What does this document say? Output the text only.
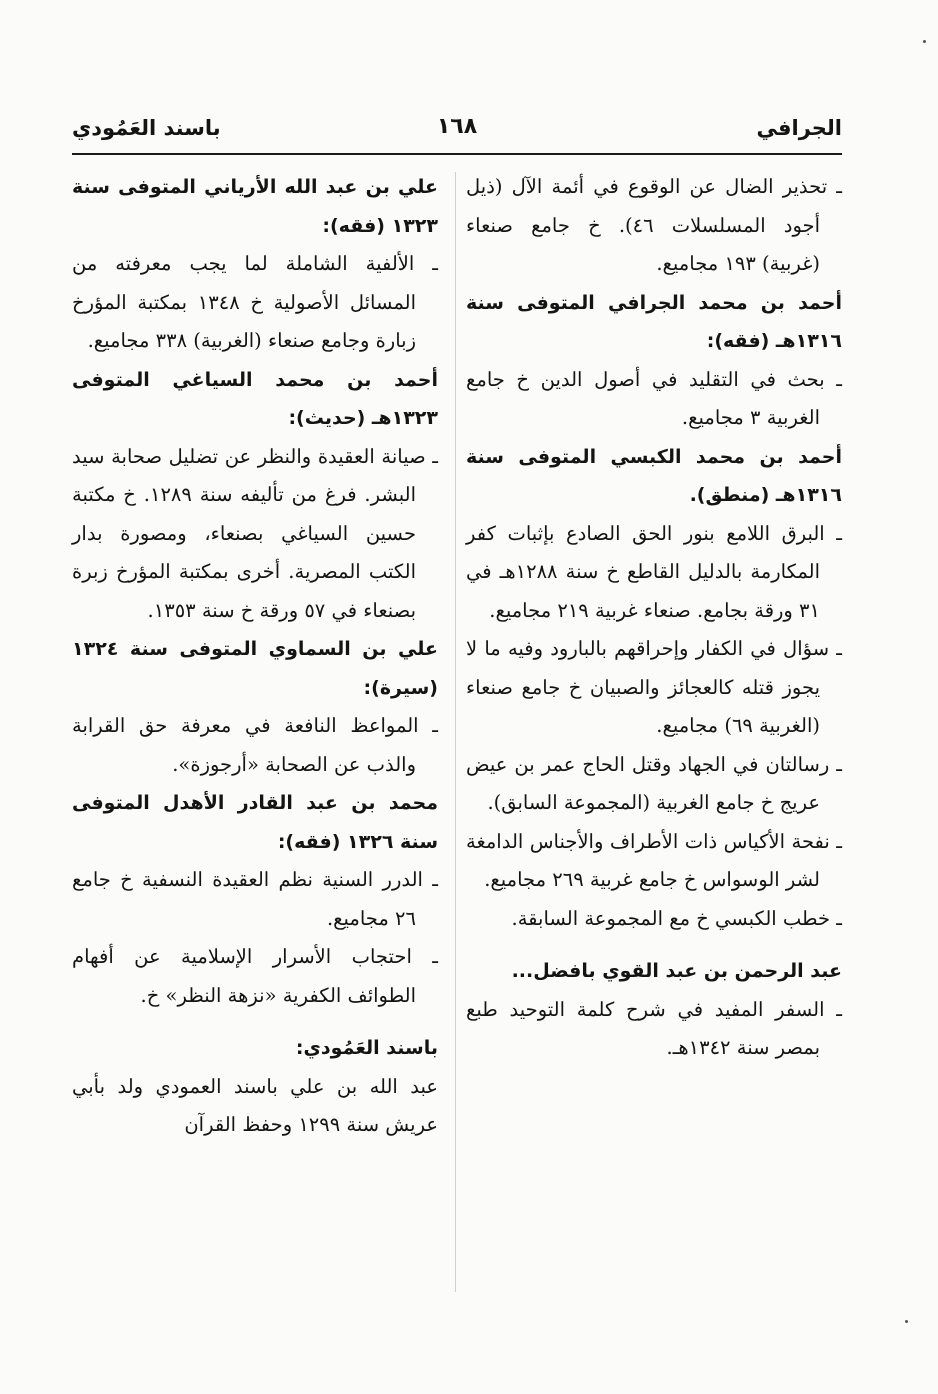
الجرافي
١٦٨
باسند العَمُودي

ـ تحذير الضال عن الوقوع في أئمة الآل (ذيل أجود المسلسلات ٤٦). خ جامع صنعاء (غربية) ١٩٣ مجاميع.

أحمد بن محمد الجرافي المتوفى سنة ١٣١٦هـ (فقه):

ـ بحث في التقليد في أصول الدين خ جامع الغربية ٣ مجاميع.

أحمد بن محمد الكبسي المتوفى سنة ١٣١٦هـ (منطق).

ـ البرق اللامع بنور الحق الصادع بإثبات كفر المكارمة بالدليل القاطع خ سنة ١٢٨٨هـ في ٣١ ورقة بجامع. صنعاء غربية ٢١٩ مجاميع.

ـ سؤال في الكفار وإحراقهم بالبارود وفيه ما لا يجوز قتله كالعجائز والصبيان خ جامع صنعاء (الغربية ٦٩) مجاميع.

ـ رسالتان في الجهاد وقتل الحاج عمر بن عيض عريج خ جامع الغربية (المجموعة السابق).

ـ نفحة الأكياس ذات الأطراف والأجناس الدامغة لشر الوسواس خ جامع غربية ٢٦٩ مجاميع.

ـ خطب الكبسي خ مع المجموعة السابقة.

عبد الرحمن بن عبد القوي بافضل...

ـ السفر المفيد في شرح كلمة التوحيد طبع بمصر سنة ١٣٤٢هـ.

علي بن عبد الله الأرياني المتوفى سنة ١٣٢٣ (فقه):

ـ الألفية الشاملة لما يجب معرفته من المسائل الأصولية خ ١٣٤٨ بمكتبة المؤرخ زبارة وجامع صنعاء (الغربية) ٣٣٨ مجاميع.

أحمد بن محمد السياغي المتوفى ١٣٢٣هـ (حديث):

ـ صيانة العقيدة والنظر عن تضليل صحابة سيد البشر. فرغ من تأليفه سنة ١٢٨٩. خ مكتبة حسين السياغي بصنعاء، ومصورة بدار الكتب المصرية. أخرى بمكتبة المؤرخ زبرة بصنعاء في ٥٧ ورقة خ سنة ١٣٥٣.

علي بن السماوي المتوفى سنة ١٣٢٤ (سيرة):

ـ المواعظ النافعة في معرفة حق القرابة والذب عن الصحابة «أرجوزة».

محمد بن عبد القادر الأهدل المتوفى سنة ١٣٢٦ (فقه):

ـ الدرر السنية نظم العقيدة النسفية خ جامع ٢٦ مجاميع.

ـ احتجاب الأسرار الإسلامية عن أفهام الطوائف الكفرية «نزهة النظر» خ.

باسند العَمُودي:

عبد الله بن علي باسند العمودي ولد بأبي عريش سنة ١٢٩٩ وحفظ القرآن
